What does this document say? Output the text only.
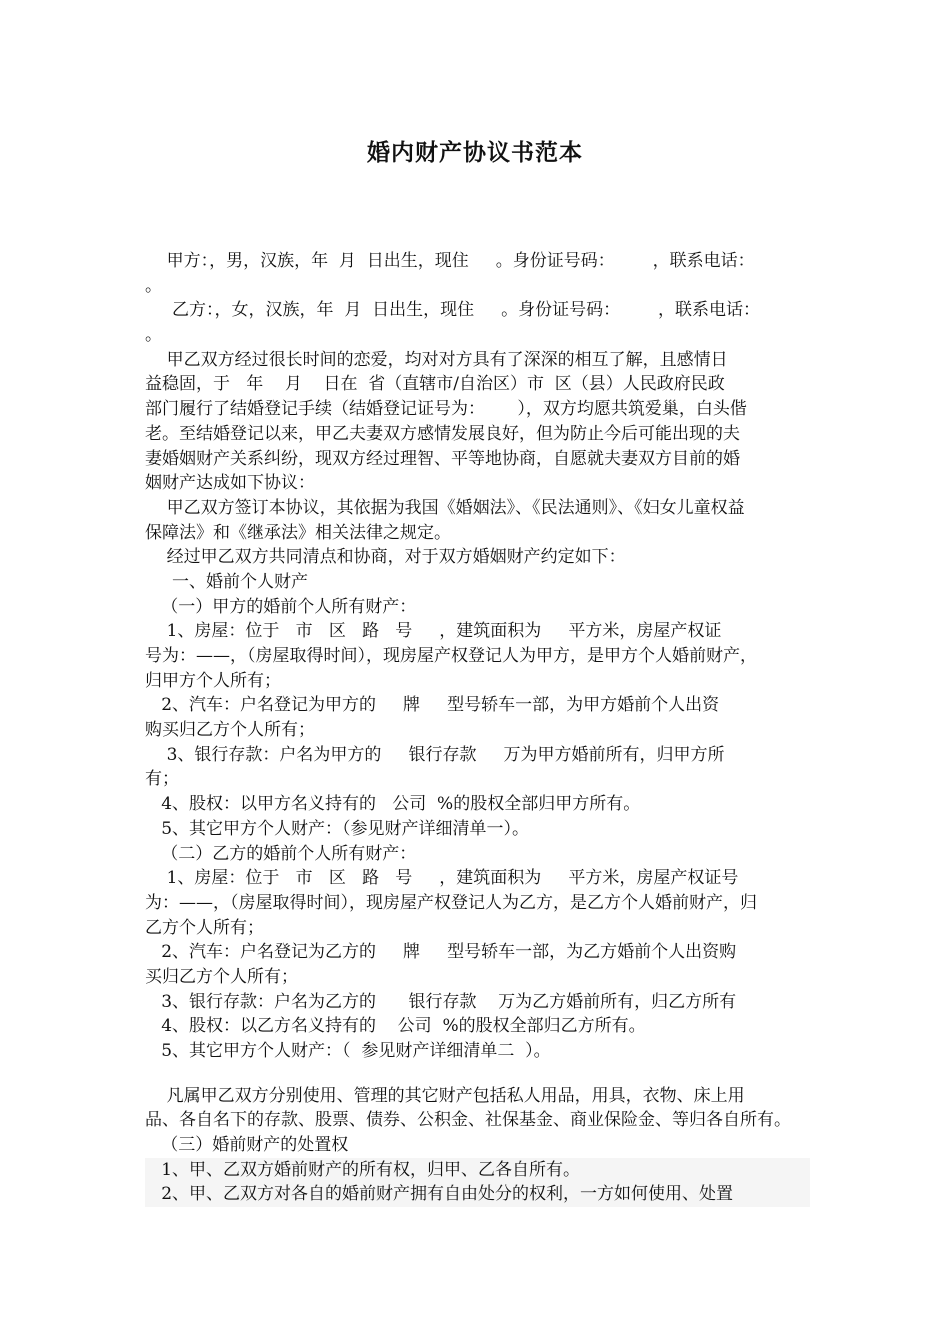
婚内财产协议书范本
甲方：，男，汉族，年  月  日出生，现住     。身份证号码：       ，联系电话：
。
乙方：，女，汉族，年  月  日出生，现住     。身份证号码：       ，联系电话：
。
甲乙双方经过很长时间的恋爱，均对对方具有了深深的相互了解，且感情日
益稳固，于   年    月    日在  省（直辖市/自治区）市  区（县）人民政府民政
部门履行了结婚登记手续（结婚登记证号为：      ），双方均愿共筑爱巢，白头偕
老。至结婚登记以来，甲乙夫妻双方感情发展良好，但为防止今后可能出现的夫
妻婚姻财产关系纠纷，现双方经过理智、平等地协商，自愿就夫妻双方目前的婚
姻财产达成如下协议：
甲乙双方签订本协议，其依据为我国《婚姻法》、《民法通则》、《妇女儿童权益
保障法》和《继承法》相关法律之规定。
经过甲乙双方共同清点和协商，对于双方婚姻财产约定如下：
一、婚前个人财产
（一）甲方的婚前个人所有财产：
1、房屋：位于   市   区   路   号     ，建筑面积为     平方米，房屋产权证
号为：——，（房屋取得时间），现房屋产权登记人为甲方，是甲方个人婚前财产，
归甲方个人所有；
2、汽车：户名登记为甲方的     牌     型号轿车一部，为甲方婚前个人出资
购买归乙方个人所有；
3、银行存款：户名为甲方的     银行存款     万为甲方婚前所有，归甲方所
有；
4、股权：以甲方名义持有的   公司  %的股权全部归甲方所有。
5、其它甲方个人财产：（参见财产详细清单一）。
（二）乙方的婚前个人所有财产：
1、房屋：位于   市   区   路   号     ，建筑面积为     平方米，房屋产权证号
为：——，（房屋取得时间），现房屋产权登记人为乙方，是乙方个人婚前财产，归
乙方个人所有；
2、汽车：户名登记为乙方的     牌     型号轿车一部，为乙方婚前个人出资购
买归乙方个人所有；
3、银行存款：户名为乙方的      银行存款    万为乙方婚前所有，归乙方所有
4、股权：以乙方名义持有的    公司  %的股权全部归乙方所有。
5、其它甲方个人财产：（  参见财产详细清单二  ）。
凡属甲乙双方分别使用、管理的其它财产包括私人用品，用具，衣物、床上用
品、各自名下的存款、股票、债券、公积金、社保基金、商业保险金、等归各自所有。
（三）婚前财产的处置权
1、甲、乙双方婚前财产的所有权，归甲、乙各自所有。
2、甲、乙双方对各自的婚前财产拥有自由处分的权利，一方如何使用、处置
